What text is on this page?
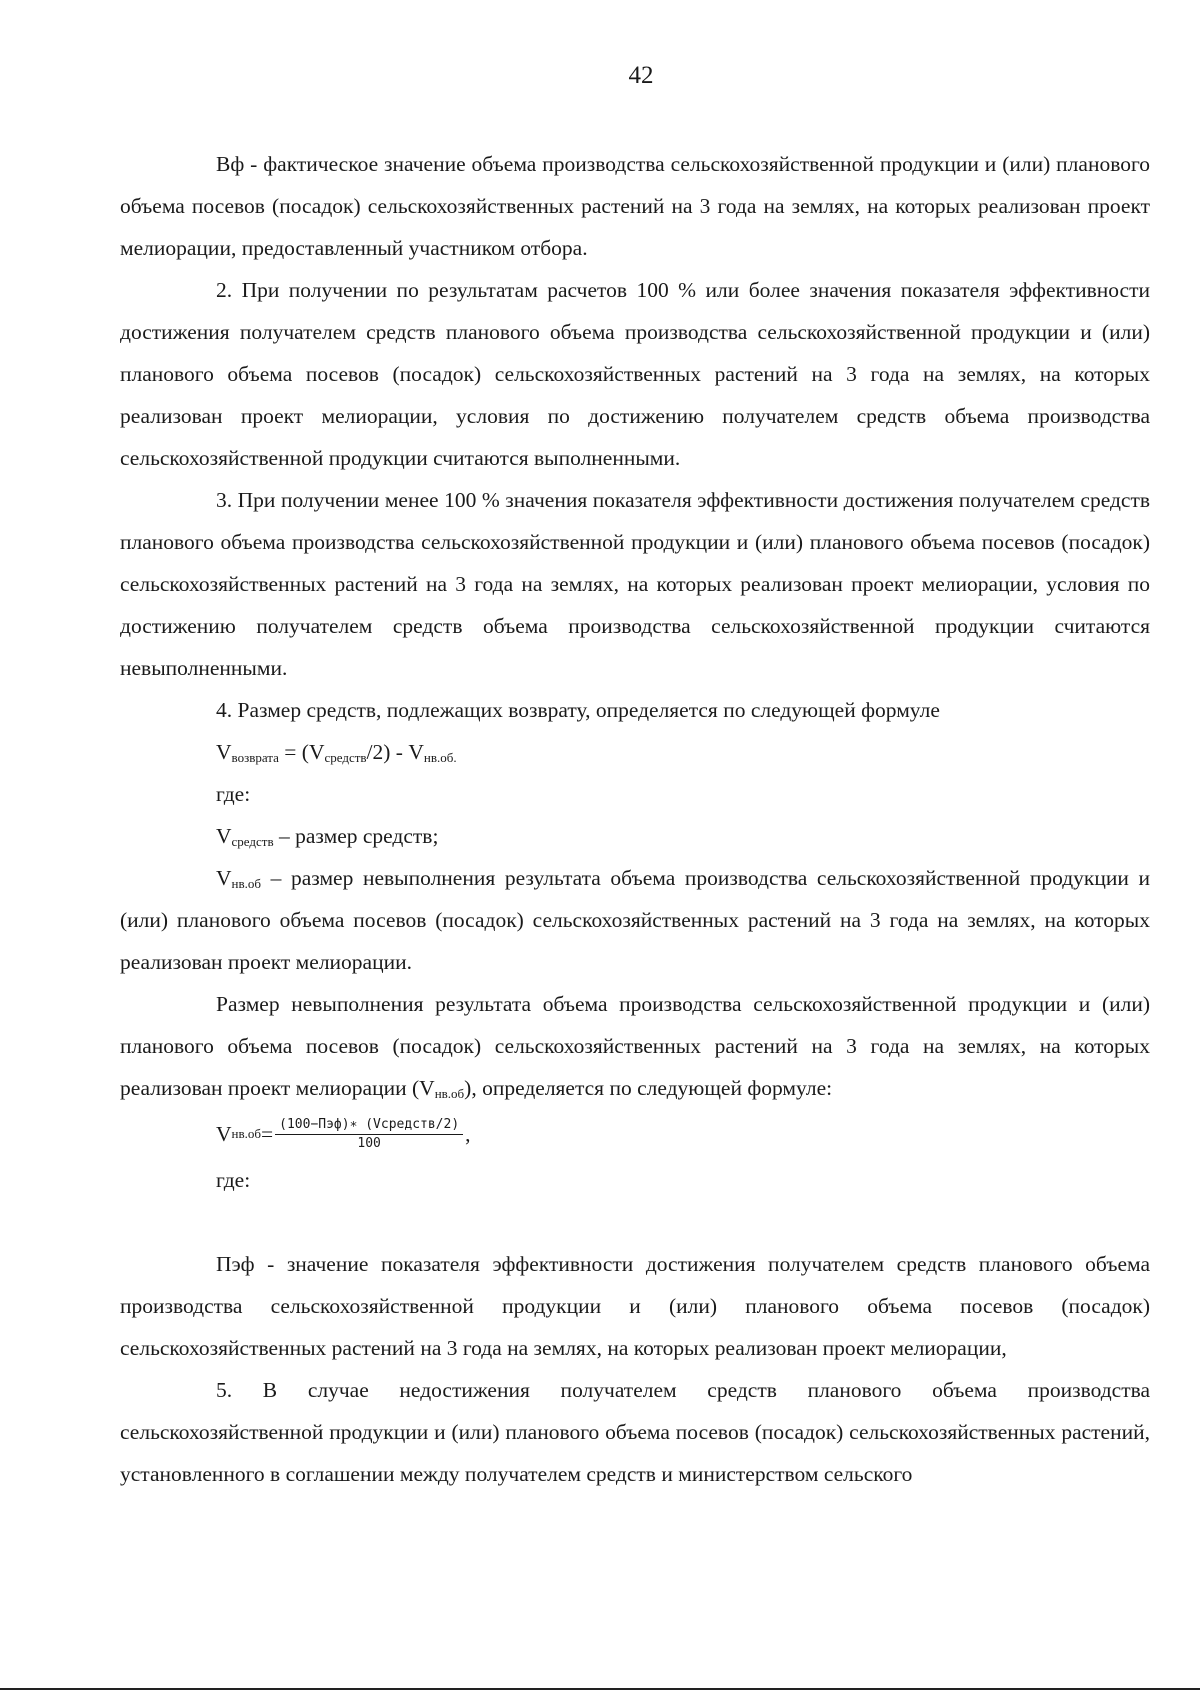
42

Вф - фактическое значение объема производства сельскохозяйственной продукции и (или) планового объема посевов (посадок) сельскохозяйственных растений на 3 года на землях, на которых реализован проект мелиорации, предоставленный участником отбора.

2. При получении по результатам расчетов 100 % или более значения показателя эффективности достижения получателем средств планового объема производства сельскохозяйственной продукции и (или) планового объема посевов (посадок) сельскохозяйственных растений на 3 года на землях, на которых реализован проект мелиорации, условия по достижению получателем средств объема производства сельскохозяйственной продукции считаются выполненными.

3. При получении менее 100 % значения показателя эффективности достижения получателем средств планового объема производства сельскохозяйственной продукции и (или) планового объема посевов (посадок) сельскохозяйственных растений на 3 года на землях, на которых реализован проект мелиорации, условия по достижению получателем средств объема производства сельскохозяйственной продукции считаются невыполненными.

4. Размер средств, подлежащих возврату, определяется по следующей формуле

$V_{возврата} = (V_{средств}/2) - V_{нв.об.}$

где:

$V_{средств}$ – размер средств;

$V_{нв.об}$ – размер невыполнения результата объема производства сельскохозяйственной продукции и (или) планового объема посевов (посадок) сельскохозяйственных растений на 3 года на землях, на которых реализован проект мелиорации.

Размер невыполнения результата объема производства сельскохозяйственной продукции и (или) планового объема посевов (посадок) сельскохозяйственных растений на 3 года на землях, на которых реализован проект мелиорации $(V_{нв.об})$, определяется по следующей формуле:

V $нв.об = \frac{\text{(100−Пэф)∗ (Vсредств/2)}}{100}$ ,

где:

Пэф - значение показателя эффективности достижения получателем средств планового объема производства сельскохозяйственной продукции и (или) планового объема посевов (посадок) сельскохозяйственных растений на 3 года на землях, на которых реализован проект мелиорации,

5. В случае недостижения получателем средств планового объема производства сельскохозяйственной продукции и (или) планового объема посевов (посадок) сельскохозяйственных растений, установленного в соглашении между получателем средств и министерством сельского
